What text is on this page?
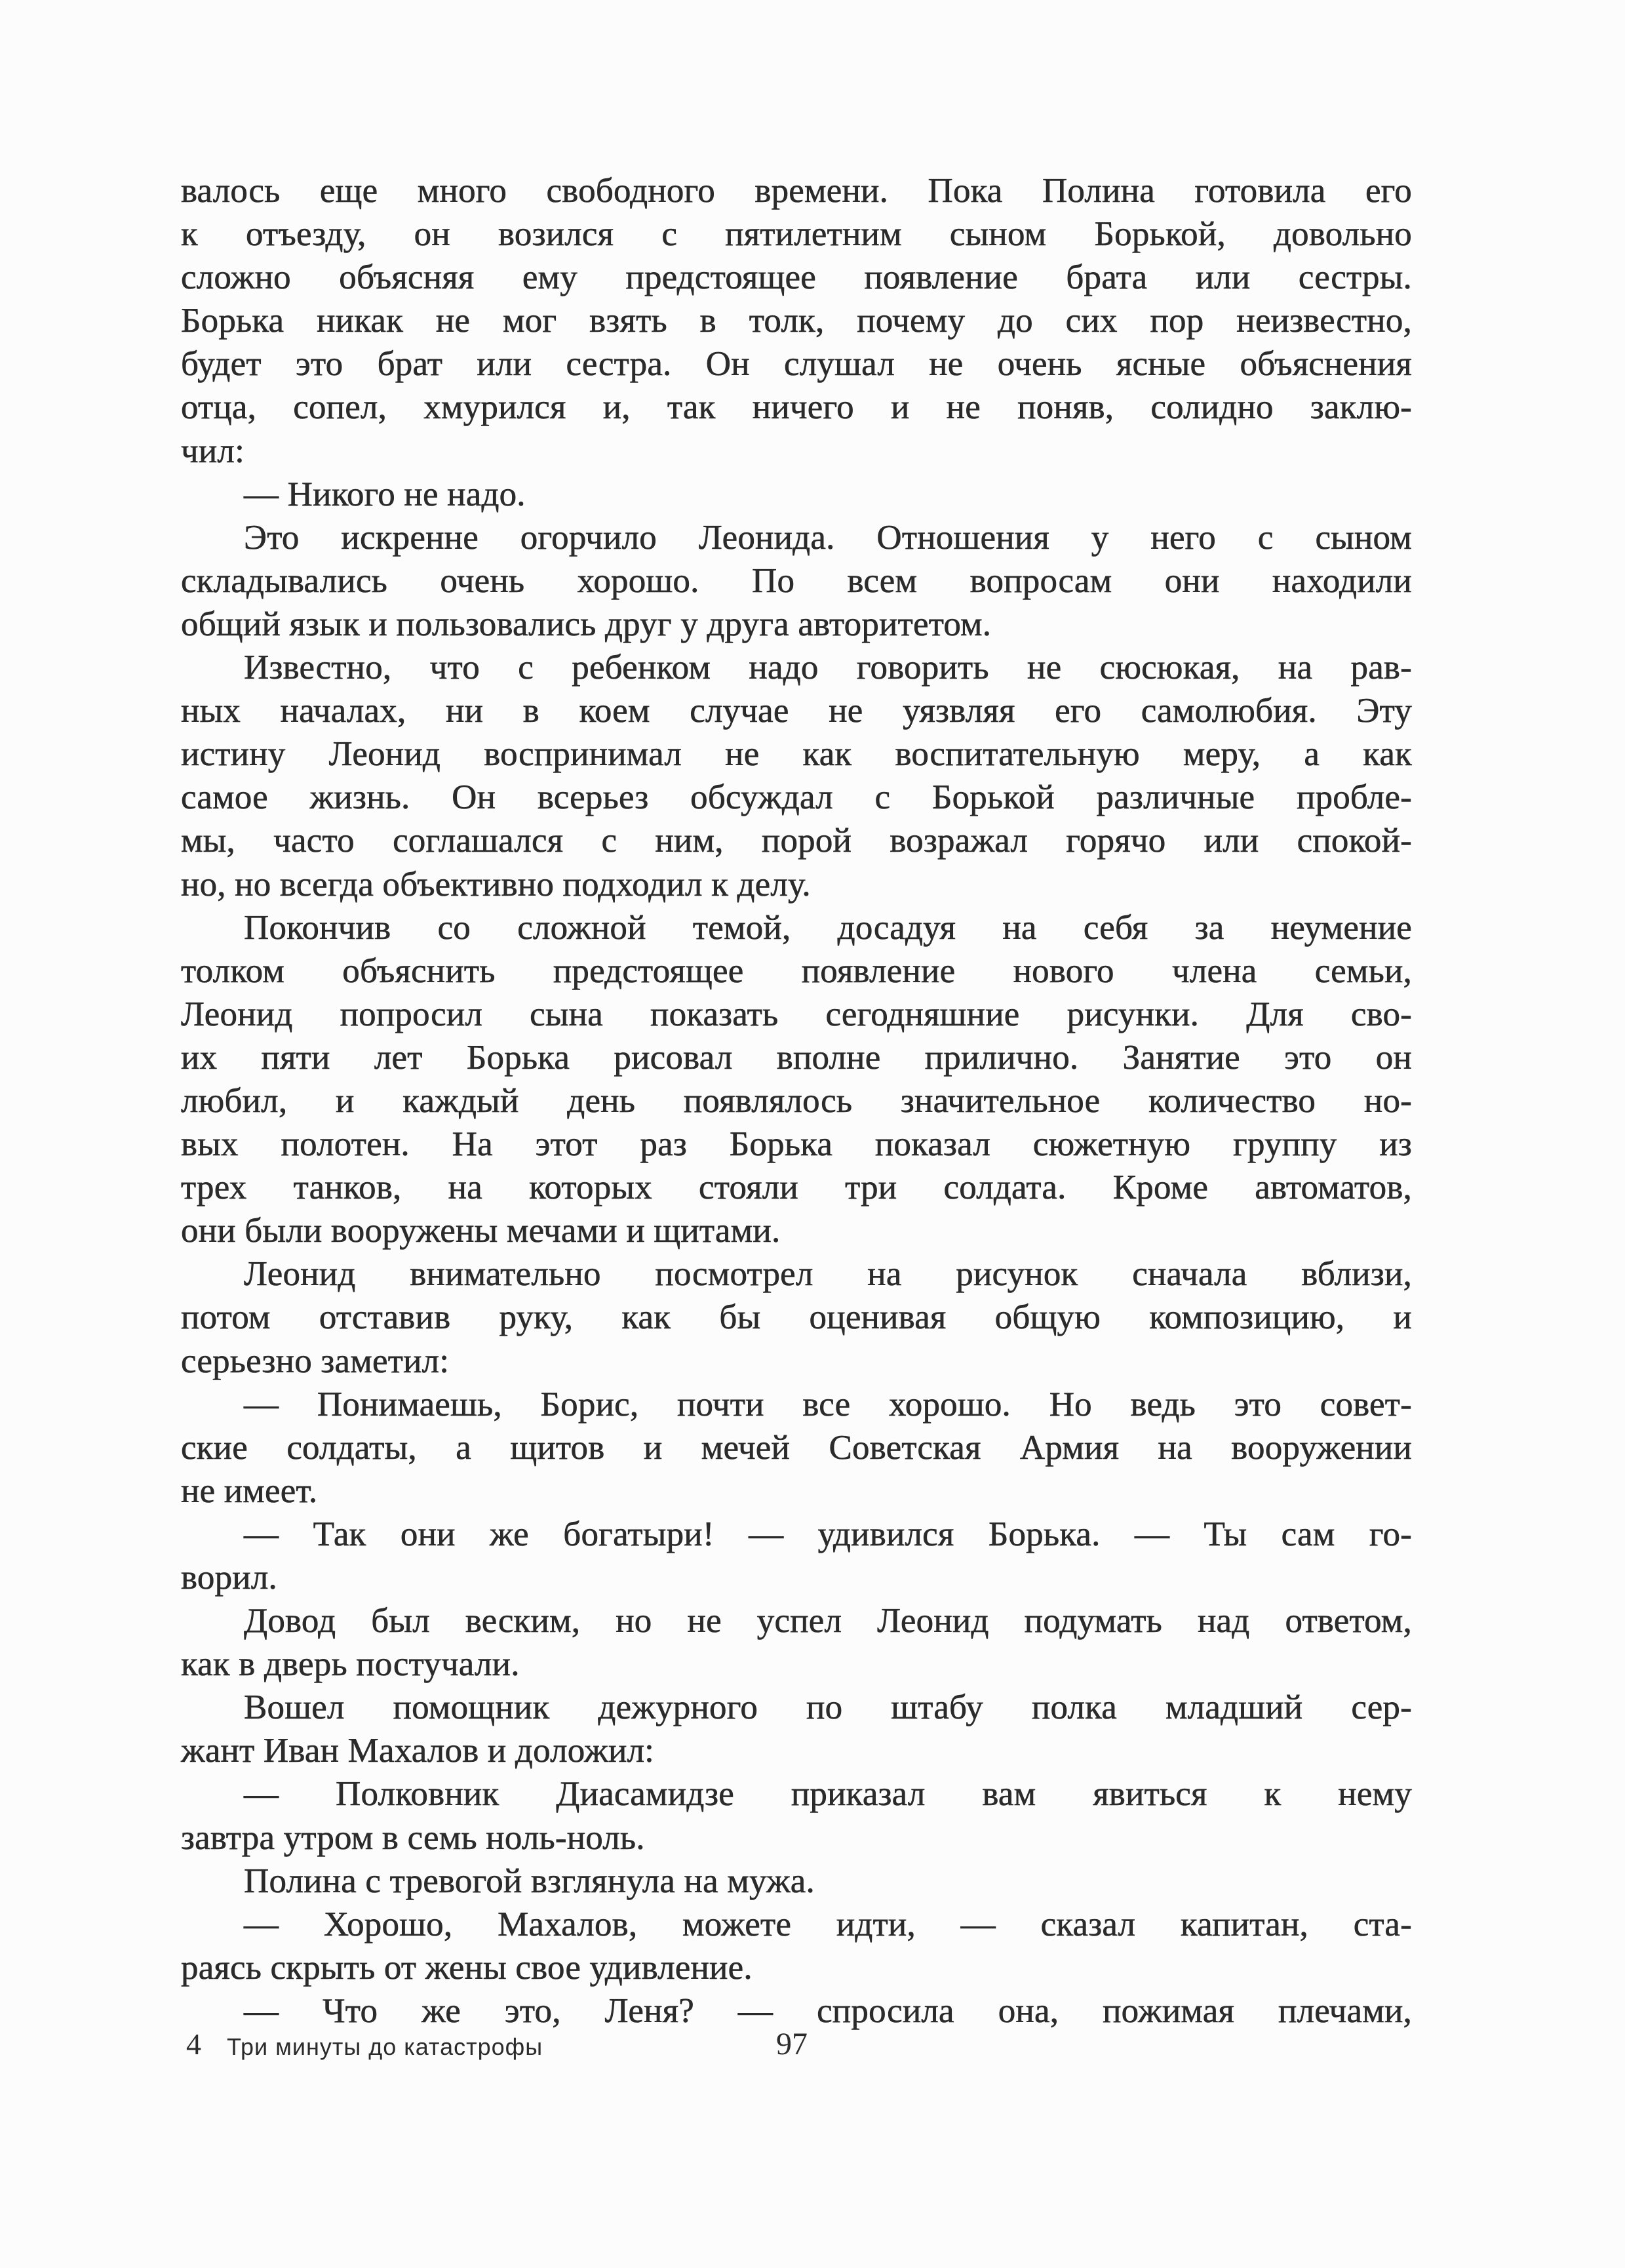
валось еще много свободного времени. Пока Полина готовила его
к отъезду, он возился с пятилетним сыном Борькой, довольно
сложно объясняя ему предстоящее появление брата или сестры.
Борька никак не мог взять в толк, почему до сих пор неизвестно,
будет это брат или сестра. Он слушал не очень ясные объяснения
отца, сопел, хмурился и, так ничего и не поняв, солидно заклю-
чил:
— Никого не надо.
Это искренне огорчило Леонида. Отношения у него с сыном
складывались очень хорошо. По всем вопросам они находили
общий язык и пользовались друг у друга авторитетом.
Известно, что с ребенком надо говорить не сюсюкая, на рав-
ных началах, ни в коем случае не уязвляя его самолюбия. Эту
истину Леонид воспринимал не как воспитательную меру, а как
самое жизнь. Он всерьез обсуждал с Борькой различные пробле-
мы, часто соглашался с ним, порой возражал горячо или спокой-
но, но всегда объективно подходил к делу.
Покончив со сложной темой, досадуя на себя за неумение
толком объяснить предстоящее появление нового члена семьи,
Леонид попросил сына показать сегодняшние рисунки. Для сво-
их пяти лет Борька рисовал вполне прилично. Занятие это он
любил, и каждый день появлялось значительное количество но-
вых полотен. На этот раз Борька показал сюжетную группу из
трех танков, на которых стояли три солдата. Кроме автоматов,
они были вооружены мечами и щитами.
Леонид внимательно посмотрел на рисунок сначала вблизи,
потом отставив руку, как бы оценивая общую композицию, и
серьезно заметил:
— Понимаешь, Борис, почти все хорошо. Но ведь это совет-
ские солдаты, а щитов и мечей Советская Армия на вооружении
не имеет.
— Так они же богатыри! — удивился Борька. — Ты сам го-
ворил.
Довод был веским, но не успел Леонид подумать над ответом,
как в дверь постучали.
Вошел помощник дежурного по штабу полка младший сер-
жант Иван Махалов и доложил:
— Полковник Диасамидзе приказал вам явиться к нему
завтра утром в семь ноль-ноль.
Полина с тревогой взглянула на мужа.
— Хорошо, Махалов, можете идти, — сказал капитан, ста-
раясь скрыть от жены свое удивление.
— Что же это, Леня? — спросила она, пожимая плечами,
4 Три минуты до катастрофы	97
